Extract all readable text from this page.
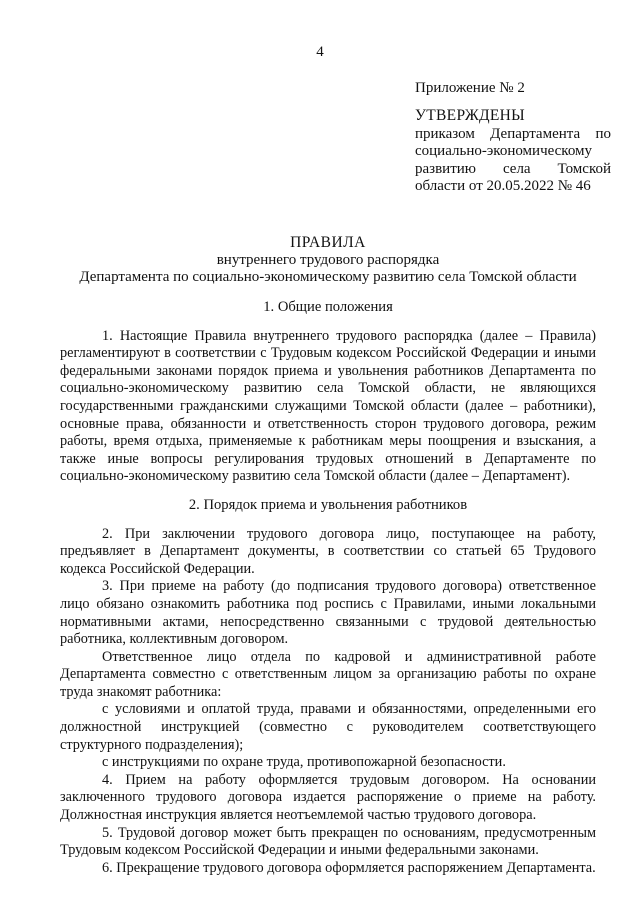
4
Приложение № 2
УТВЕРЖДЕНЫ
приказом Департамента по социально-экономическому развитию села Томской области от 20.05.2022 № 46
ПРАВИЛА
внутреннего трудового распорядка
Департамента по социально-экономическому развитию села Томской области
1. Общие положения

1. Настоящие Правила внутреннего трудового распорядка (далее – Правила) регламентируют в соответствии с Трудовым кодексом Российской Федерации и иными федеральными законами порядок приема и увольнения работников Департамента по социально-экономическому развитию села Томской области, не являющихся государственными гражданскими служащими Томской области (далее – работники), основные права, обязанности и ответственность сторон трудового договора, режим работы, время отдыха, применяемые к работникам меры поощрения и взыскания, а также иные вопросы регулирования трудовых отношений в Департаменте по социально-экономическому развитию села Томской области (далее – Департамент).

2. Порядок приема и увольнения работников

2. При заключении трудового договора лицо, поступающее на работу, предъявляет в Департамент документы, в соответствии со статьей 65 Трудового кодекса Российской Федерации.

3. При приеме на работу (до подписания трудового договора) ответственное лицо обязано ознакомить работника под роспись с Правилами, иными локальными нормативными актами, непосредственно связанными с трудовой деятельностью работника, коллективным договором.

Ответственное лицо отдела по кадровой и административной работе Департамента совместно с ответственным лицом за организацию работы по охране труда знакомят работника:

с условиями и оплатой труда, правами и обязанностями, определенными его должностной инструкцией (совместно с руководителем соответствующего структурного подразделения);

с инструкциями по охране труда, противопожарной безопасности.

4. Прием на работу оформляется трудовым договором. На основании заключенного трудового договора издается распоряжение о приеме на работу. Должностная инструкция является неотъемлемой частью трудового договора.

5. Трудовой договор может быть прекращен по основаниям, предусмотренным Трудовым кодексом Российской Федерации и иными федеральными законами.

6. Прекращение трудового договора оформляется распоряжением Департамента.
